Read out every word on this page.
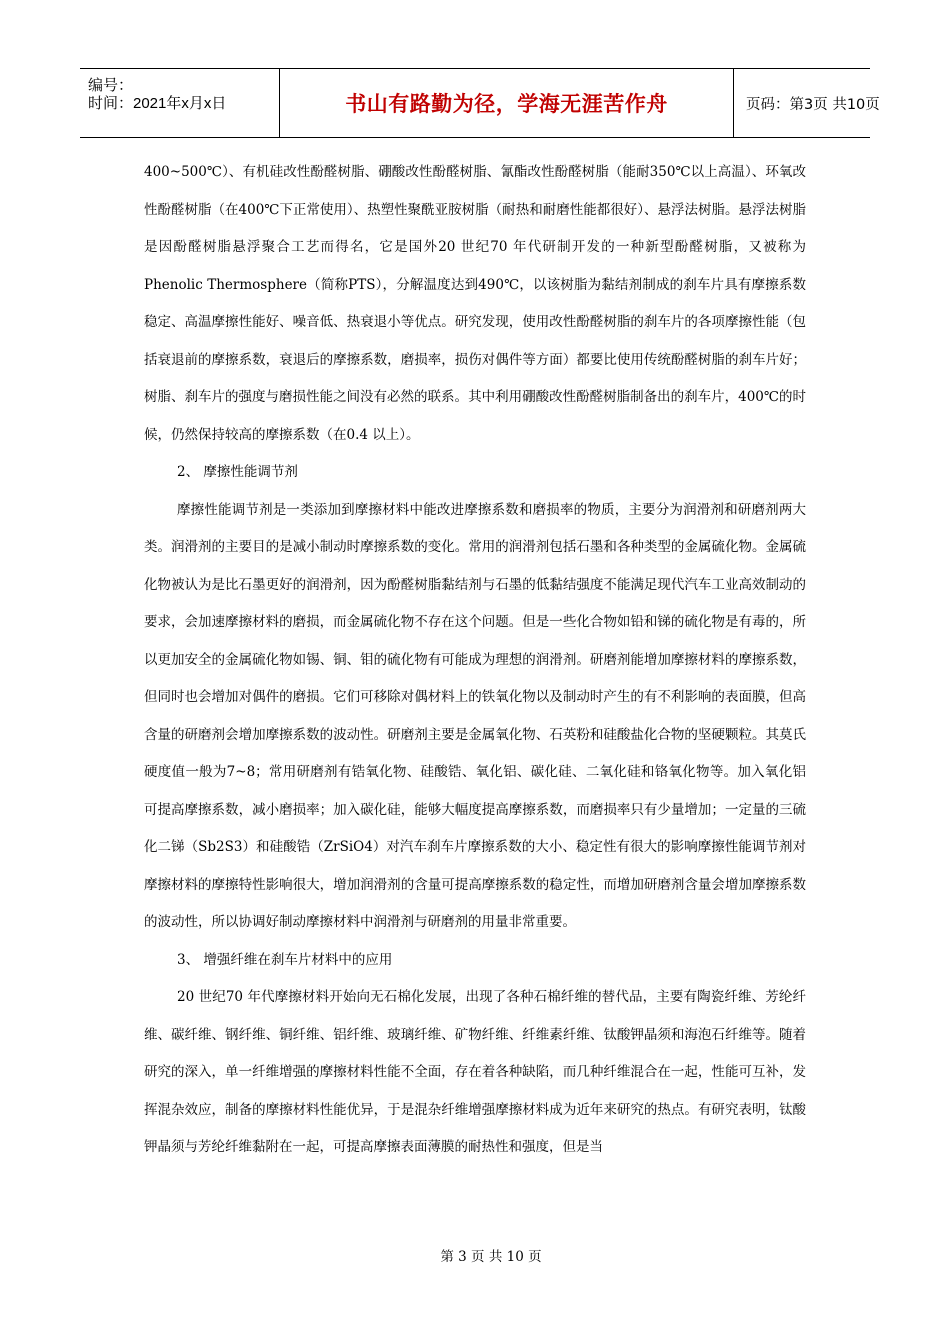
编号：
时间：2021年x月x日	书山有路勤为径，学海无涯苦作舟	页码：第3页 共10页

400~500℃）、有机硅改性酚醛树脂、硼酸改性酚醛树脂、氰酯改性酚醛树脂（能耐350℃以上高温）、环氧改性酚醛树脂（在400℃下正常使用）、热塑性聚酰亚胺树脂（耐热和耐磨性能都很好）、悬浮法树脂。悬浮法树脂是因酚醛树脂悬浮聚合工艺而得名，它是国外20 世纪70 年代研制开发的一种新型酚醛树脂，又被称为Phenolic Thermosphere（简称PTS），分解温度达到490℃，以该树脂为黏结剂制成的刹车片具有摩擦系数稳定、高温摩擦性能好、噪音低、热衰退小等优点。研究发现，使用改性酚醛树脂的刹车片的各项摩擦性能（包括衰退前的摩擦系数，衰退后的摩擦系数，磨损率，损伤对偶件等方面）都要比使用传统酚醛树脂的刹车片好；树脂、刹车片的强度与磨损性能之间没有必然的联系。其中利用硼酸改性酚醛树脂制备出的刹车片，400℃的时候，仍然保持较高的摩擦系数（在0.4 以上）。

2、 摩擦性能调节剂

摩擦性能调节剂是一类添加到摩擦材料中能改进摩擦系数和磨损率的物质，主要分为润滑剂和研磨剂两大类。润滑剂的主要目的是减小制动时摩擦系数的变化。常用的润滑剂包括石墨和各种类型的金属硫化物。金属硫化物被认为是比石墨更好的润滑剂，因为酚醛树脂黏结剂与石墨的低黏结强度不能满足现代汽车工业高效制动的要求，会加速摩擦材料的磨损，而金属硫化物不存在这个问题。但是一些化合物如铅和锑的硫化物是有毒的，所以更加安全的金属硫化物如锡、铜、钼的硫化物有可能成为理想的润滑剂。研磨剂能增加摩擦材料的摩擦系数，但同时也会增加对偶件的磨损。它们可移除对偶材料上的铁氧化物以及制动时产生的有不利影响的表面膜，但高含量的研磨剂会增加摩擦系数的波动性。研磨剂主要是金属氧化物、石英粉和硅酸盐化合物的坚硬颗粒。其莫氏硬度值一般为7~8；常用研磨剂有锆氧化物、硅酸锆、氧化铝、碳化硅、二氧化硅和铬氧化物等。加入氧化铝可提高摩擦系数，减小磨损率；加入碳化硅，能够大幅度提高摩擦系数，而磨损率只有少量增加；一定量的三硫化二锑（Sb2S3）和硅酸锆（ZrSiO4）对汽车刹车片摩擦系数的大小、稳定性有很大的影响摩擦性能调节剂对摩擦材料的摩擦特性影响很大，增加润滑剂的含量可提高摩擦系数的稳定性，而增加研磨剂含量会增加摩擦系数的波动性，所以协调好制动摩擦材料中润滑剂与研磨剂的用量非常重要。

3、 增强纤维在刹车片材料中的应用

20 世纪70 年代摩擦材料开始向无石棉化发展，出现了各种石棉纤维的替代品，主要有陶瓷纤维、芳纶纤维、碳纤维、钢纤维、铜纤维、铝纤维、玻璃纤维、矿物纤维、纤维素纤维、钛酸钾晶须和海泡石纤维等。随着研究的深入，单一纤维增强的摩擦材料性能不全面，存在着各种缺陷，而几种纤维混合在一起，性能可互补，发挥混杂效应，制备的摩擦材料性能优异，于是混杂纤维增强摩擦材料成为近年来研究的热点。有研究表明，钛酸钾晶须与芳纶纤维黏附在一起，可提高摩擦表面薄膜的耐热性和强度，但是当

第 3 页 共 10 页
